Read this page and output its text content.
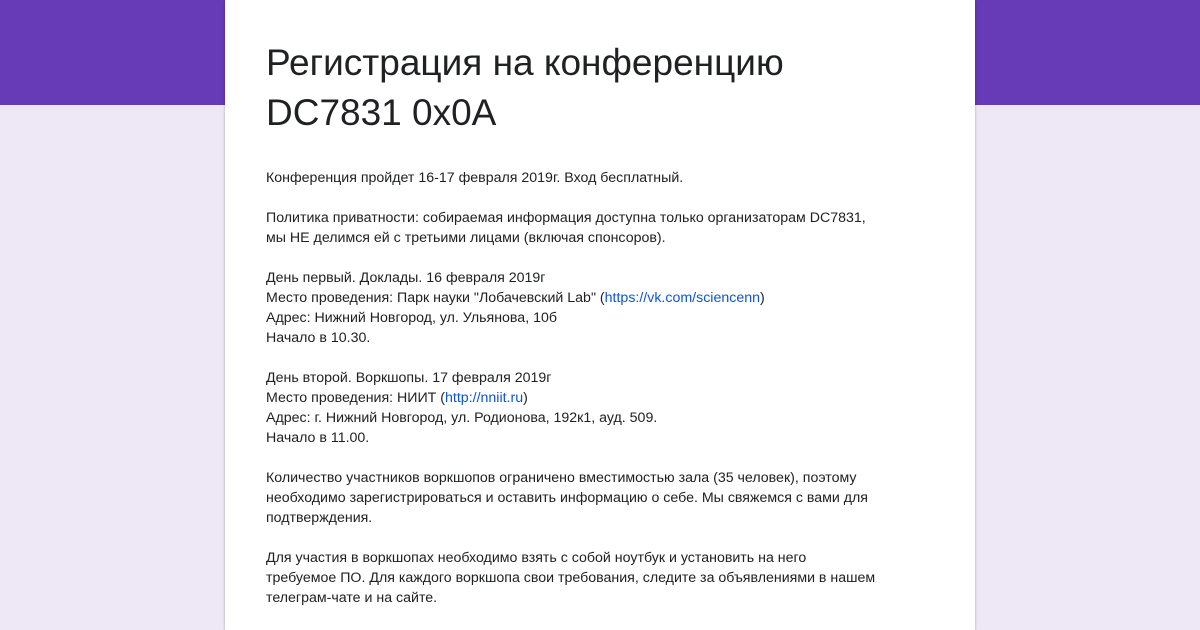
Регистрация на конференцию
DC7831 0x0A
Конференция пройдет 16-17 февраля 2019г. Вход бесплатный.
Политика приватности: собираемая информация доступна только организаторам DC7831,
мы НЕ делимся ей с третьими лицами (включая спонсоров).
День первый. Доклады. 16 февраля 2019г
Место проведения: Парк науки "Лобачевский Lab" (https://vk.com/sciencenn)
Адрес: Нижний Новгород, ул. Ульянова, 10б
Начало в 10.30.
День второй. Воркшопы. 17 февраля 2019г
Место проведения: НИИТ (http://nniit.ru)
Адрес: г. Нижний Новгород, ул. Родионова, 192к1, ауд. 509.
Начало в 11.00.
Количество участников воркшопов ограничено вместимостью зала (35 человек), поэтому
необходимо зарегистрироваться и оставить информацию о себе. Мы свяжемся с вами для
подтверждения.
Для участия в воркшопах необходимо взять с собой ноутбук и установить на него
требуемое ПО. Для каждого воркшопа свои требования, следите за объявлениями в нашем
телеграм-чате и на сайте.
